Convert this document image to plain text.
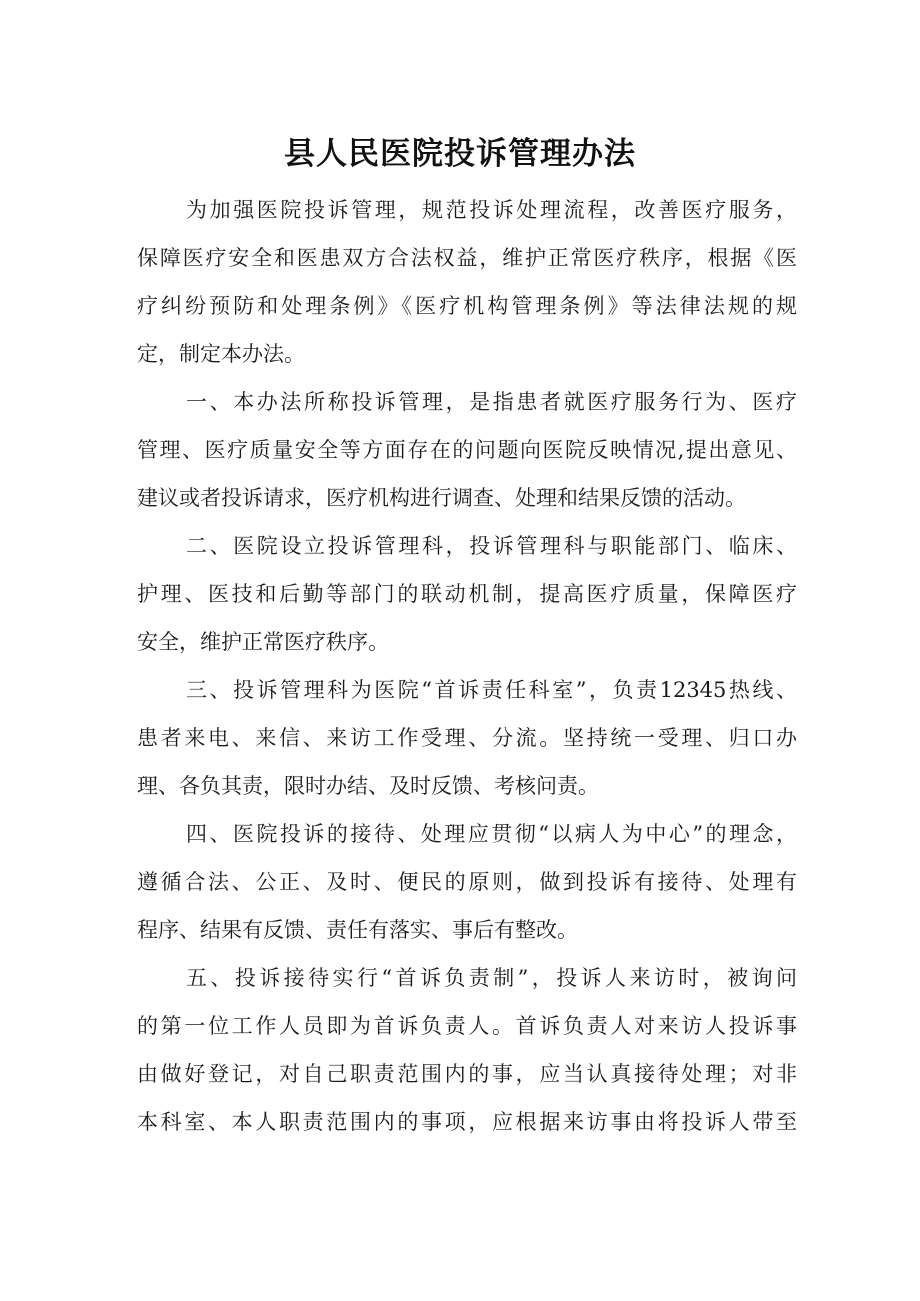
县人民医院投诉管理办法

为加强医院投诉管理，规范投诉处理流程，改善医疗服务，

保障医疗安全和医患双方合法权益，维护正常医疗秩序，根据《医

疗纠纷预防和处理条例》《医疗机构管理条例》等法律法规的规

定，制定本办法。

一、本办法所称投诉管理，是指患者就医疗服务行为、医疗

管理、医疗质量安全等方面存在的问题向医院反映情况,提出意见、

建议或者投诉请求，医疗机构进行调查、处理和结果反馈的活动。

二、医院设立投诉管理科，投诉管理科与职能部门、临床、

护理、医技和后勤等部门的联动机制，提高医疗质量，保障医疗

安全，维护正常医疗秩序。

三、投诉管理科为医院“首诉责任科室”，负责12345热线、

患者来电、来信、来访工作受理、分流。坚持统一受理、归口办

理、各负其责，限时办结、及时反馈、考核问责。

四、医院投诉的接待、处理应贯彻“以病人为中心”的理念，

遵循合法、公正、及时、便民的原则，做到投诉有接待、处理有

程序、结果有反馈、责任有落实、事后有整改。

五、投诉接待实行“首诉负责制”，投诉人来访时，被询问

的第一位工作人员即为首诉负责人。首诉负责人对来访人投诉事

由做好登记，对自己职责范围内的事，应当认真接待处理；对非

本科室、本人职责范围内的事项，应根据来访事由将投诉人带至
